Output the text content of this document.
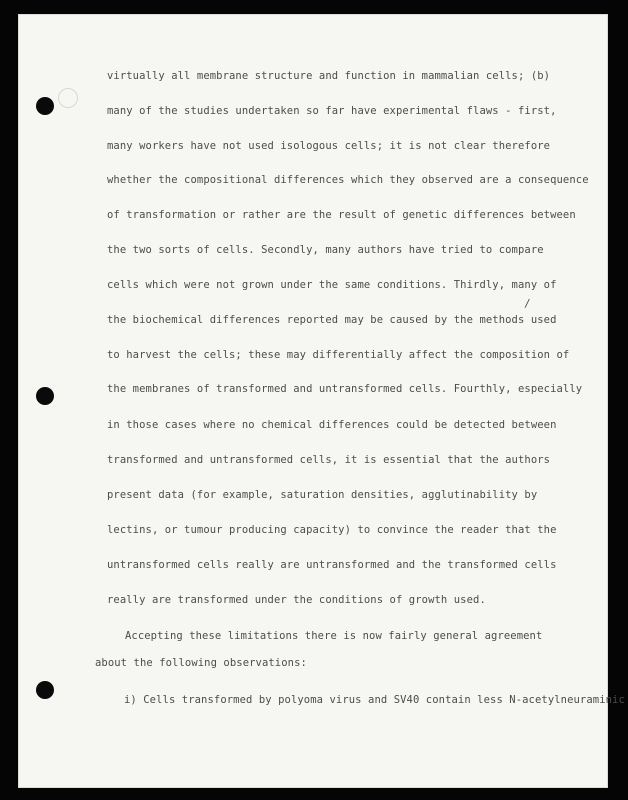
virtually all membrane structure and function in mammalian cells; (b)
many of the studies undertaken so far have experimental flaws - first,
many workers have not used isologous cells; it is not clear therefore
whether the compositional differences which they observed are a consequence
of transformation or rather are the result of genetic differences between
the two sorts of cells. Secondly, many authors have tried to compare
cells which were not grown under the same conditions. Thirdly, many of
the biochemical differences reported may be caused by the methods used
to harvest the cells; these may differentially affect the composition of
the membranes of transformed and untransformed cells. Fourthly, especially
in those cases where no chemical differences could be detected between
transformed and untransformed cells, it is essential that the authors
present data (for example, saturation densities, agglutinability by
lectins, or tumour producing capacity) to convince the reader that the
untransformed cells really are untransformed and the transformed cells
really are transformed under the conditions of growth used.
Accepting these limitations there is now fairly general agreement
about the following observations:
i) Cells transformed by polyoma virus and SV40 contain less N-acetylneuraminic
/
